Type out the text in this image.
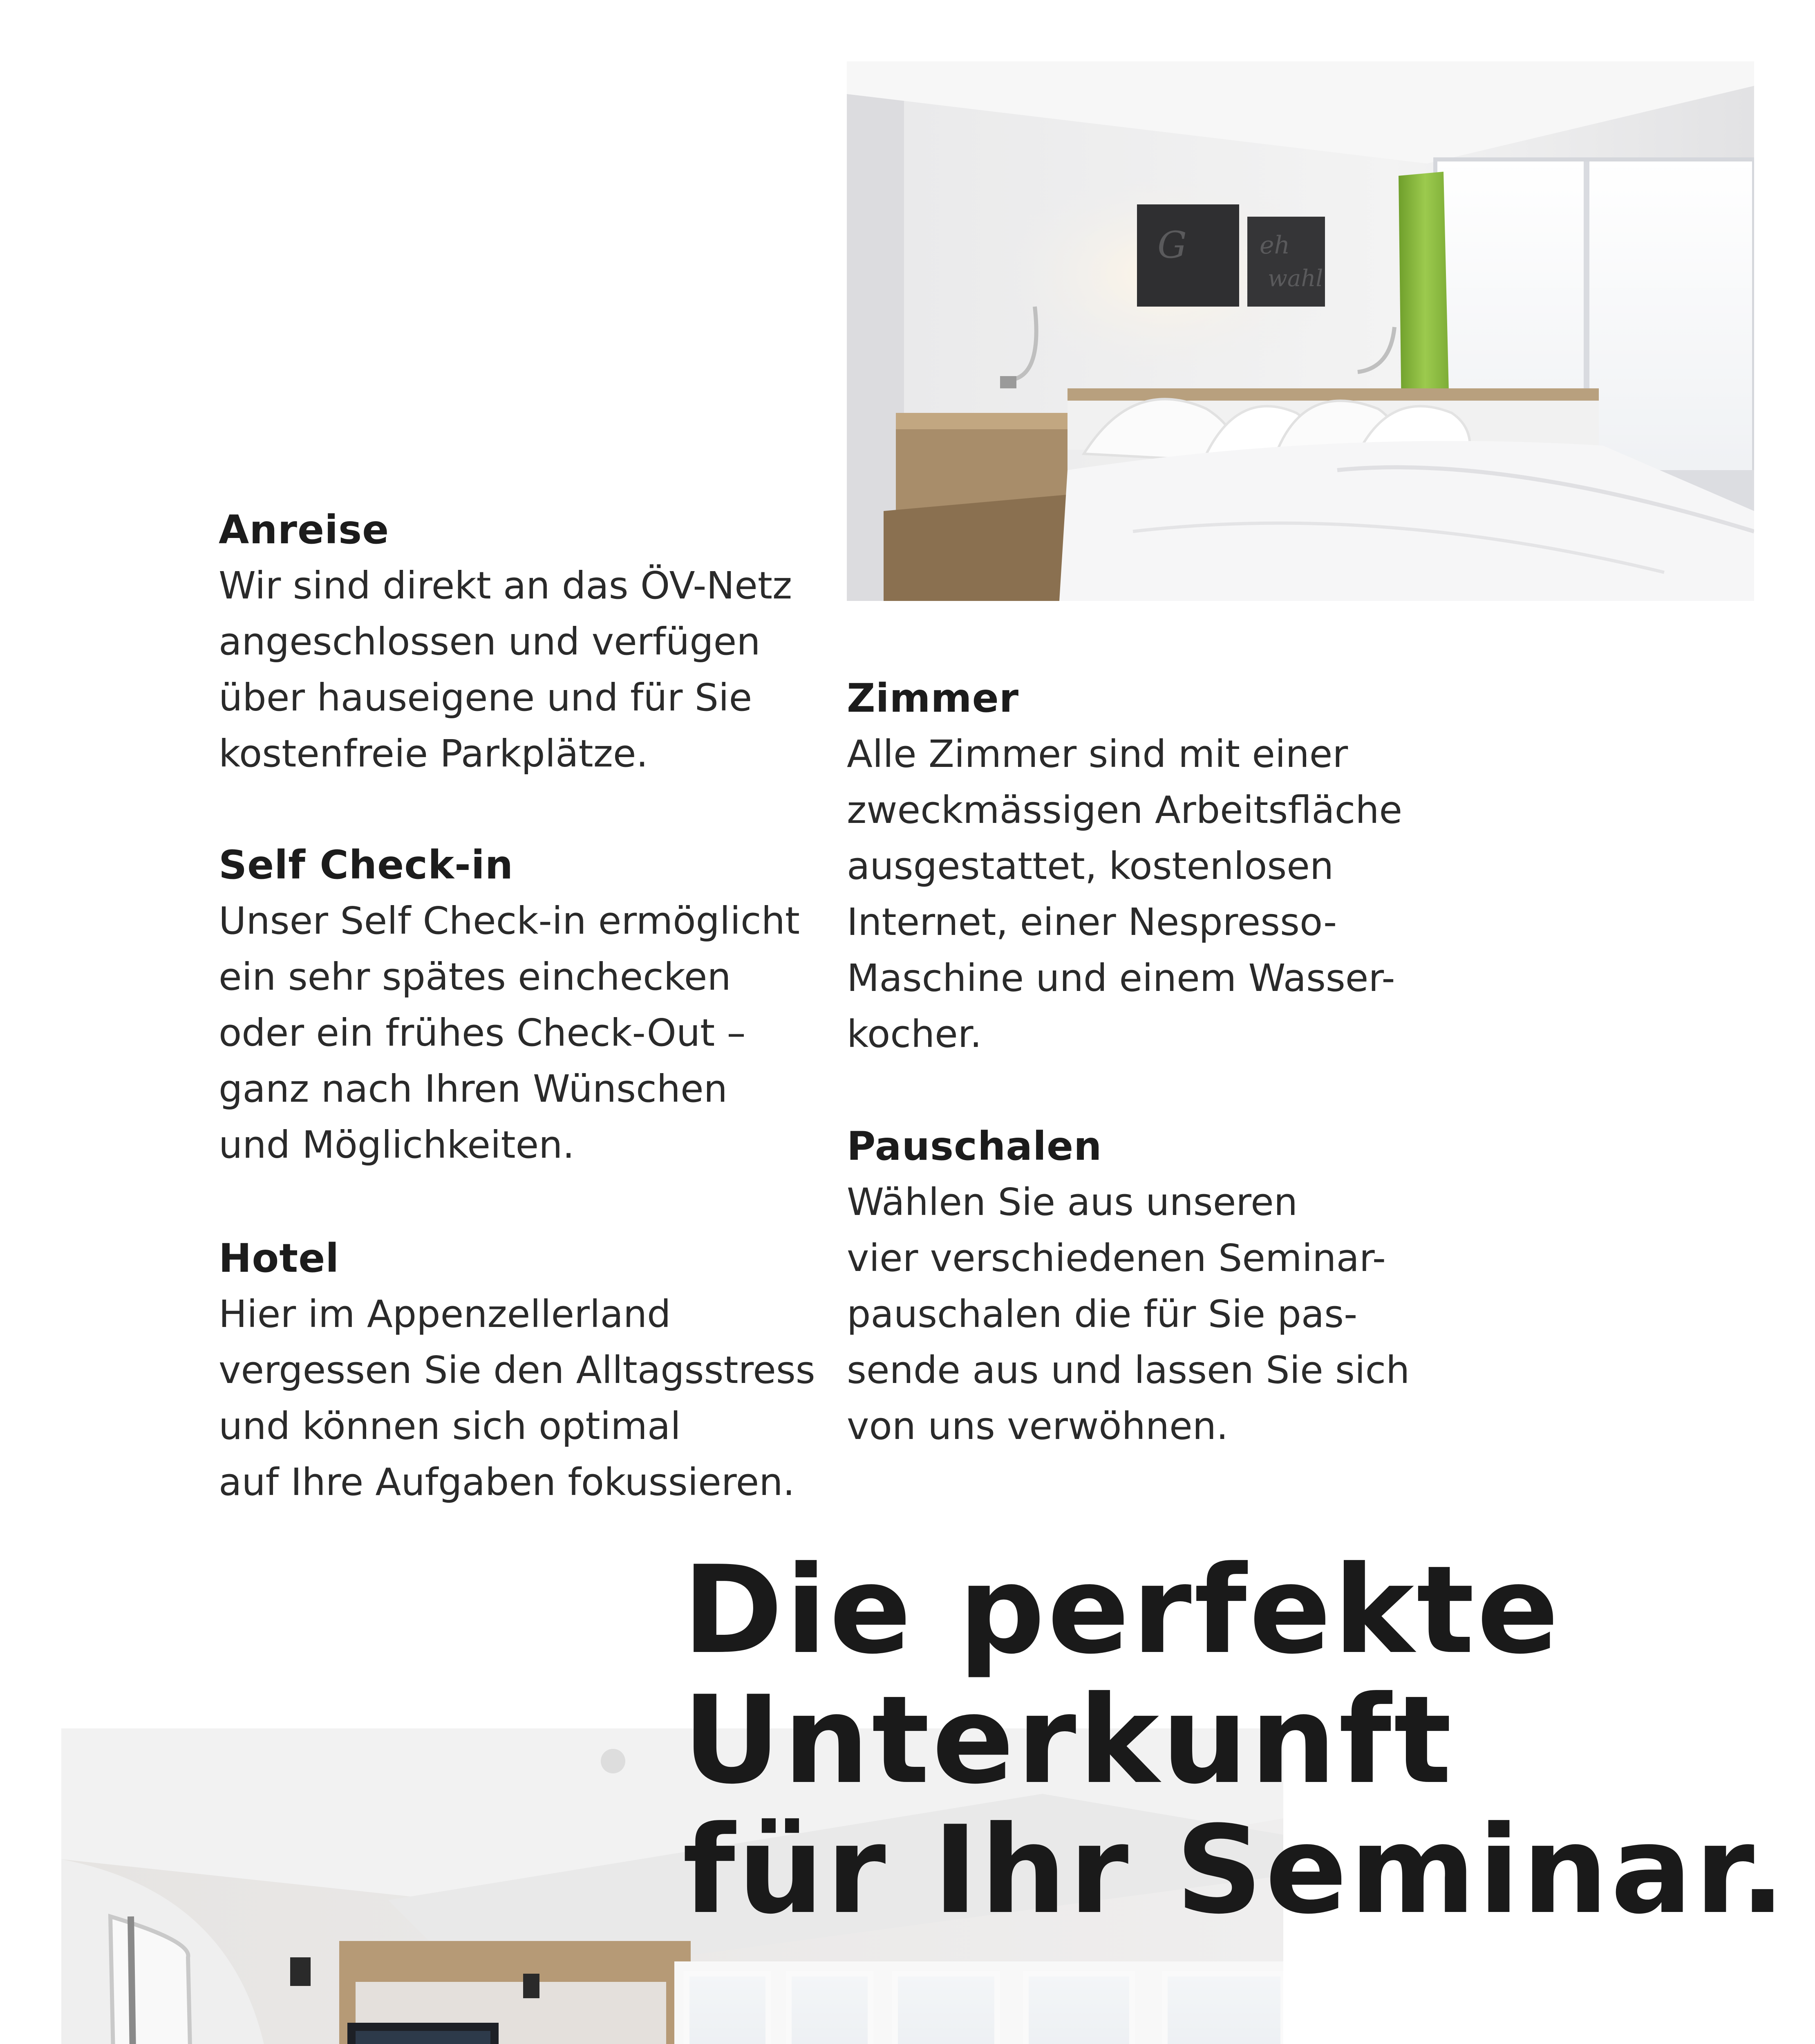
G	eh
wahl
Anreise

Wir sind direkt an das ÖV-Netz
angeschlossen und verfügen
über hauseigene und für Sie
kostenfreie Parkplätze.

Self Check-in

Unser Self Check-in ermöglicht
ein sehr spätes einchecken
oder ein frühes Check-Out –
ganz nach Ihren Wünschen
und Möglichkeiten.

Hotel

Hier im Appenzellerland
vergessen Sie den Alltagsstress
und können sich optimal
auf Ihre Aufgaben fokussieren.

Zimmer

Alle Zimmer sind mit einer
zweckmässigen Arbeitsfläche
ausgestattet, kostenlosen
Internet, einer Nespresso-
Maschine und einem Wasser-
kocher.

Pauschalen

Wählen Sie aus unseren
vier verschiedenen Seminar-
pauschalen die für Sie pas-
sende aus und lassen Sie sich
von uns verwöhnen.

Die perfekte
Unterkunft
für Ihr Seminar.
